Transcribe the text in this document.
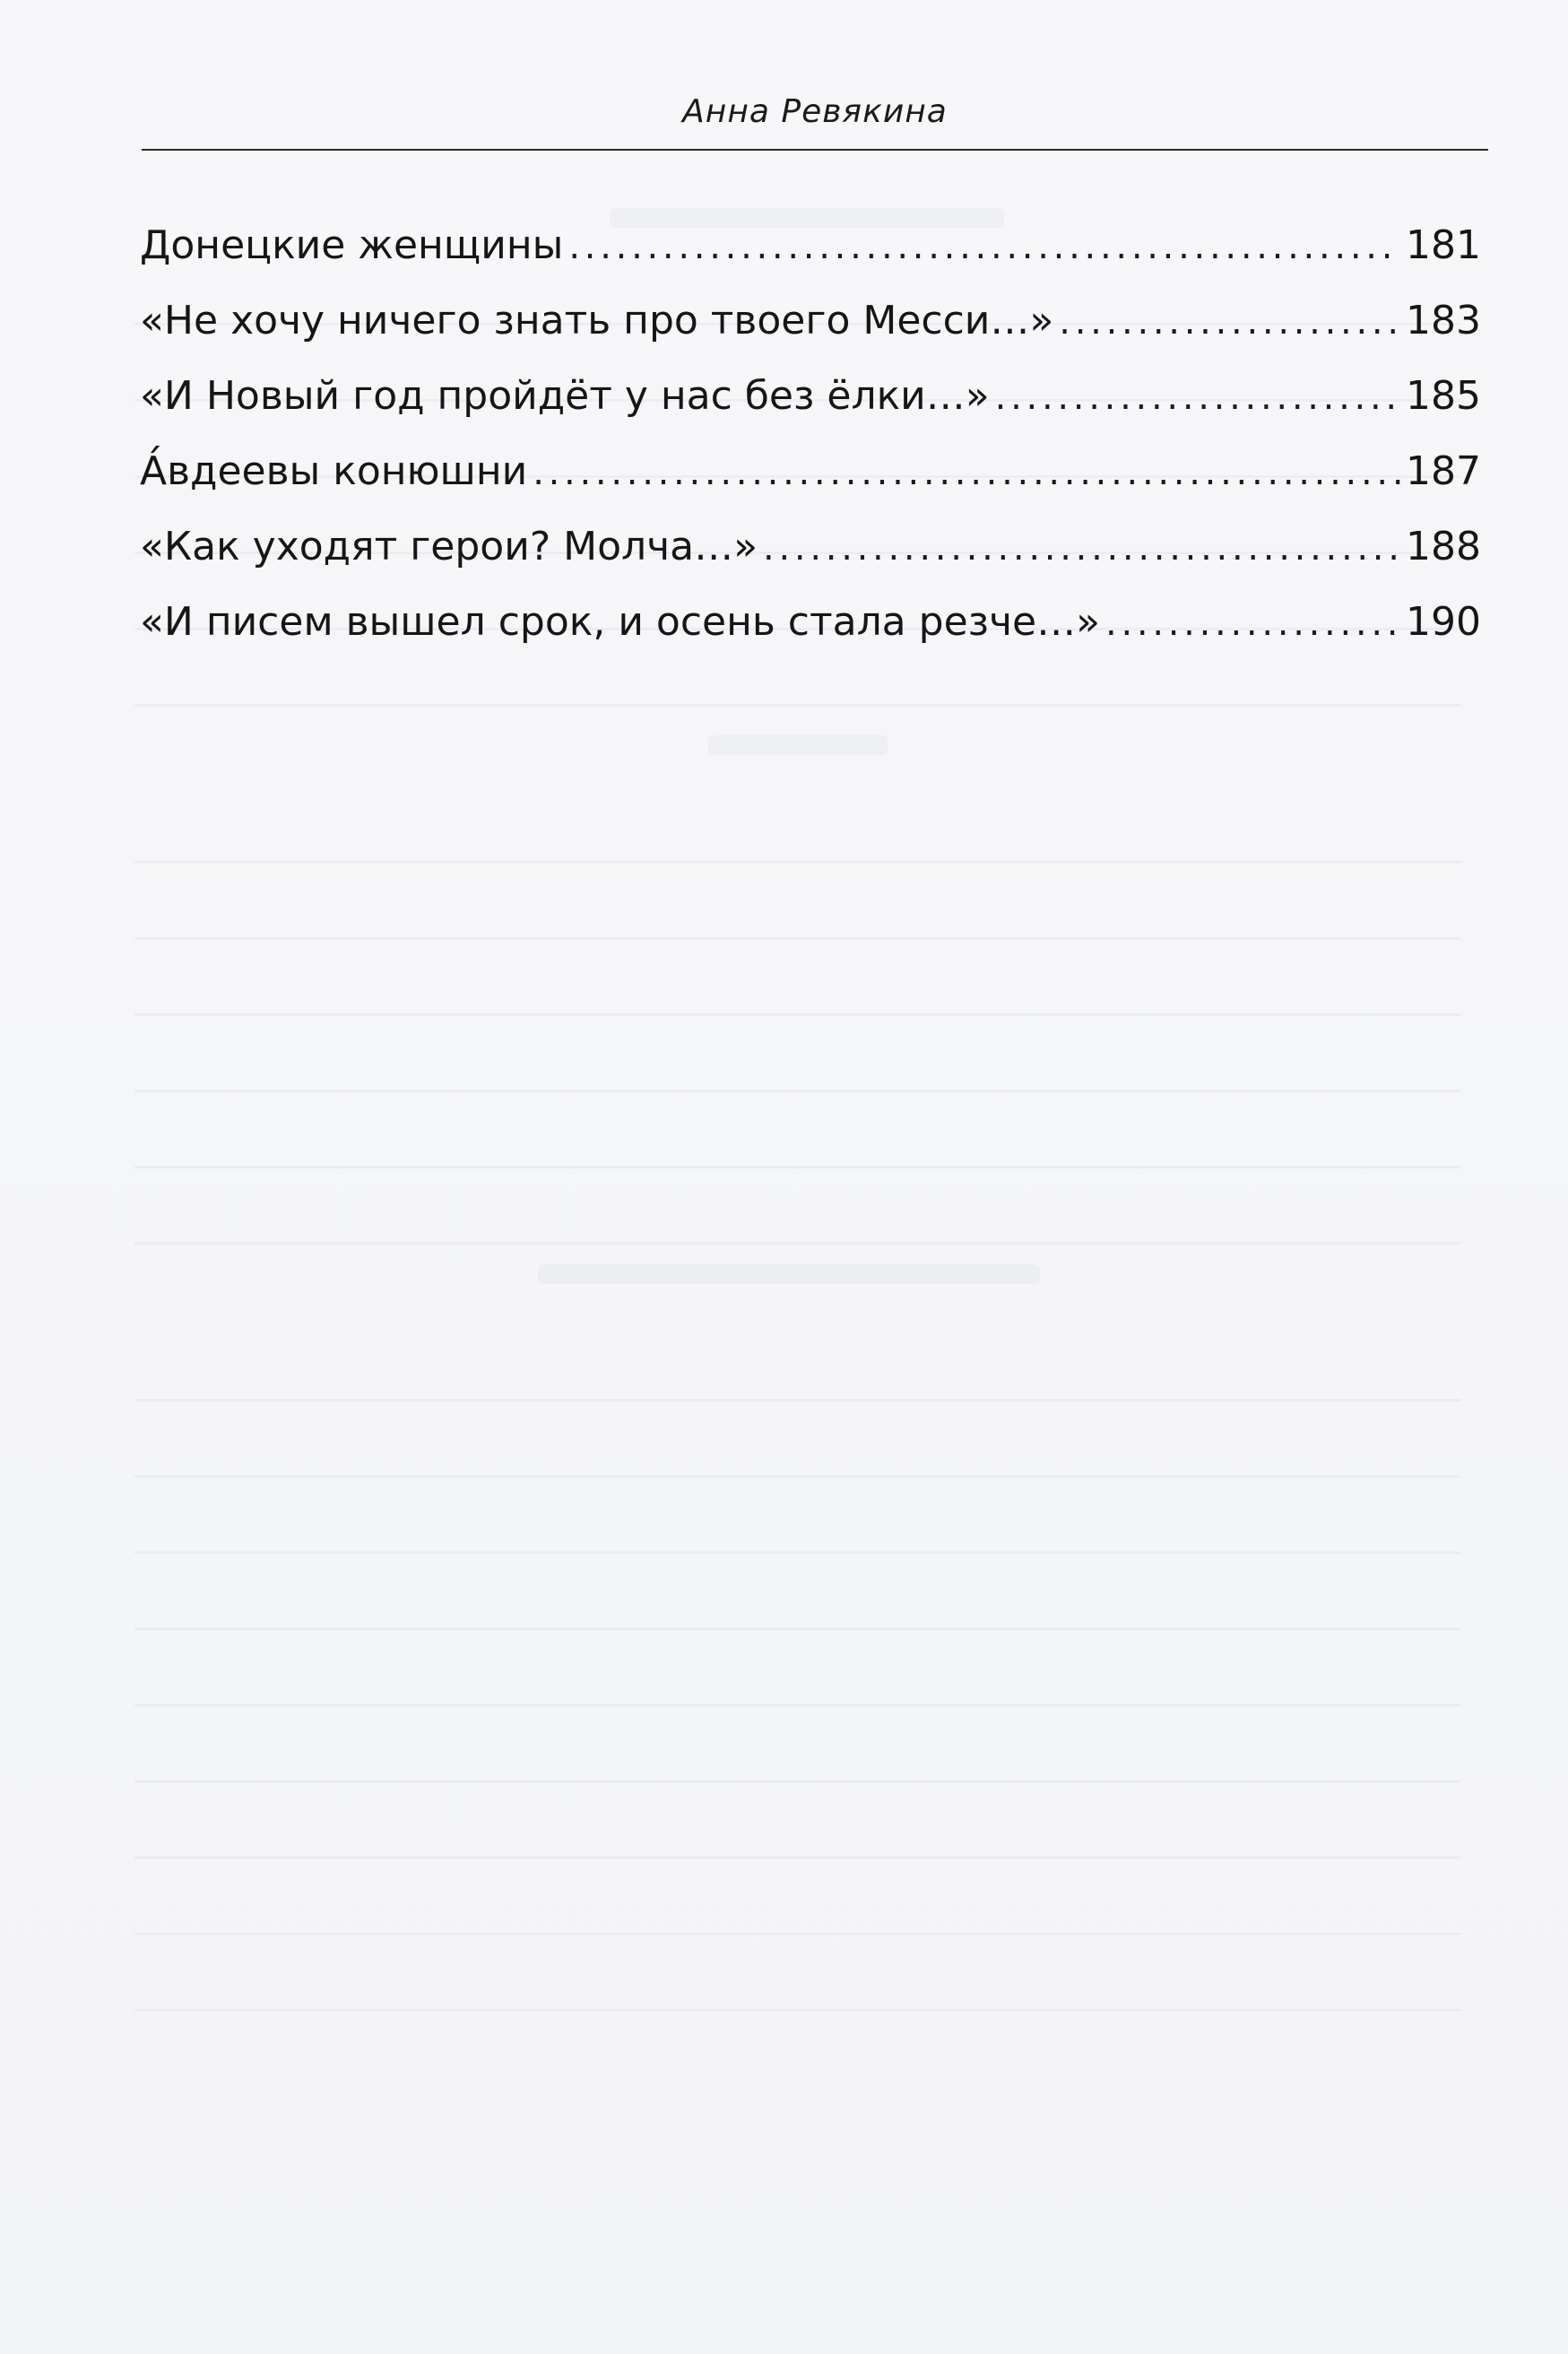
Анна Ревякина
Донецкие женщины . . .	181
«Не хочу ничего знать про твоего Месси…» . . .	183
«И Новый год пройдёт у нас без ёлки…» . . .	185
А́вдеевы конюшни . . .	187
«Как уходят герои? Молча…» . . .	188
«И писем вышел срок, и осень стала резче…» . . .	190
